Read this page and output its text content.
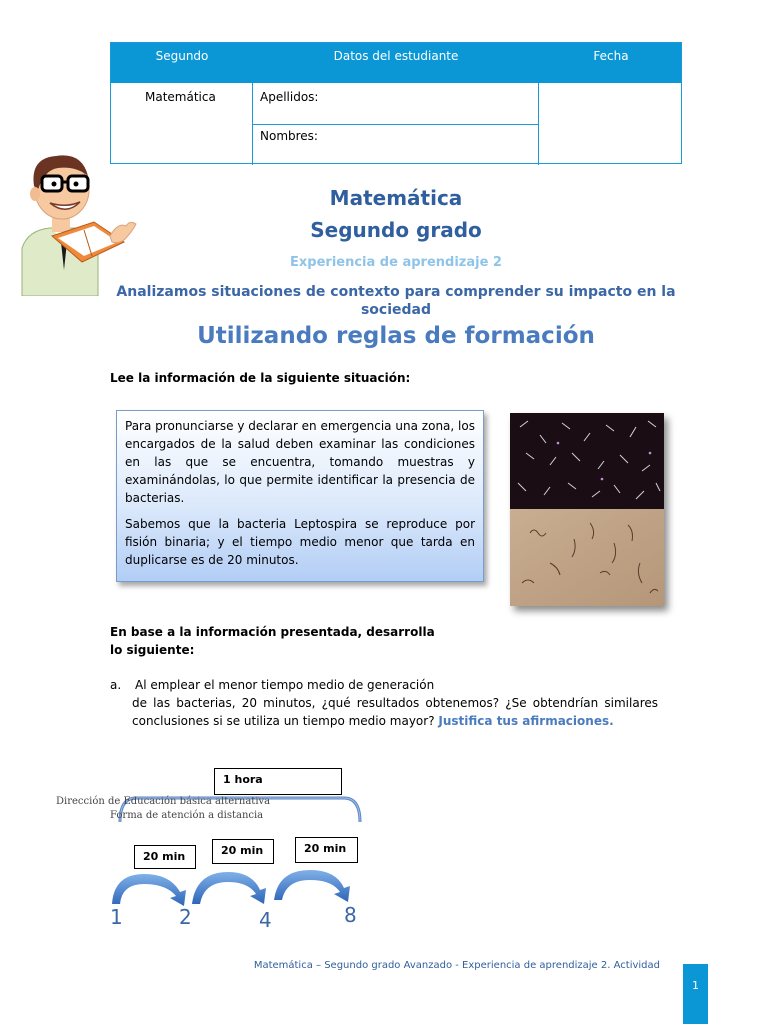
Segundo	Datos del estudiante	Fecha
Matemática	Apellidos:
Nombres:
Matemática
Segundo grado
Experiencia de aprendizaje 2
Analizamos situaciones de contexto para comprender su impacto en la sociedad
Utilizando reglas de formación
Lee la información de la siguiente situación:

Para pronunciarse y declarar en emergencia una zona, los encargados de la salud deben examinar las condiciones en las que se encuentra, tomando muestras y examinándolas, lo que permite identificar la presencia de bacterias.

Sabemos que la bacteria Leptospira se reproduce por fisión binaria; y el tiempo medio menor que tarda en duplicarse es de 20 minutos.

En base a la información presentada, desarrolla lo siguiente:
a. Al emplear el menor tiempo medio de generación
de las bacterias, 20 minutos, ¿qué resultados obtenemos? ¿Se obtendrían similares conclusiones si se utiliza un tiempo medio mayor? Justifica tus afirmaciones.
1 hora
Dirección de Educación básica alternativa
Forma de atención a distancia
20 min	20 min	20 min
1	2	4	8
Matemática – Segundo grado Avanzado - Experiencia de aprendizaje 2. Actividad
1
